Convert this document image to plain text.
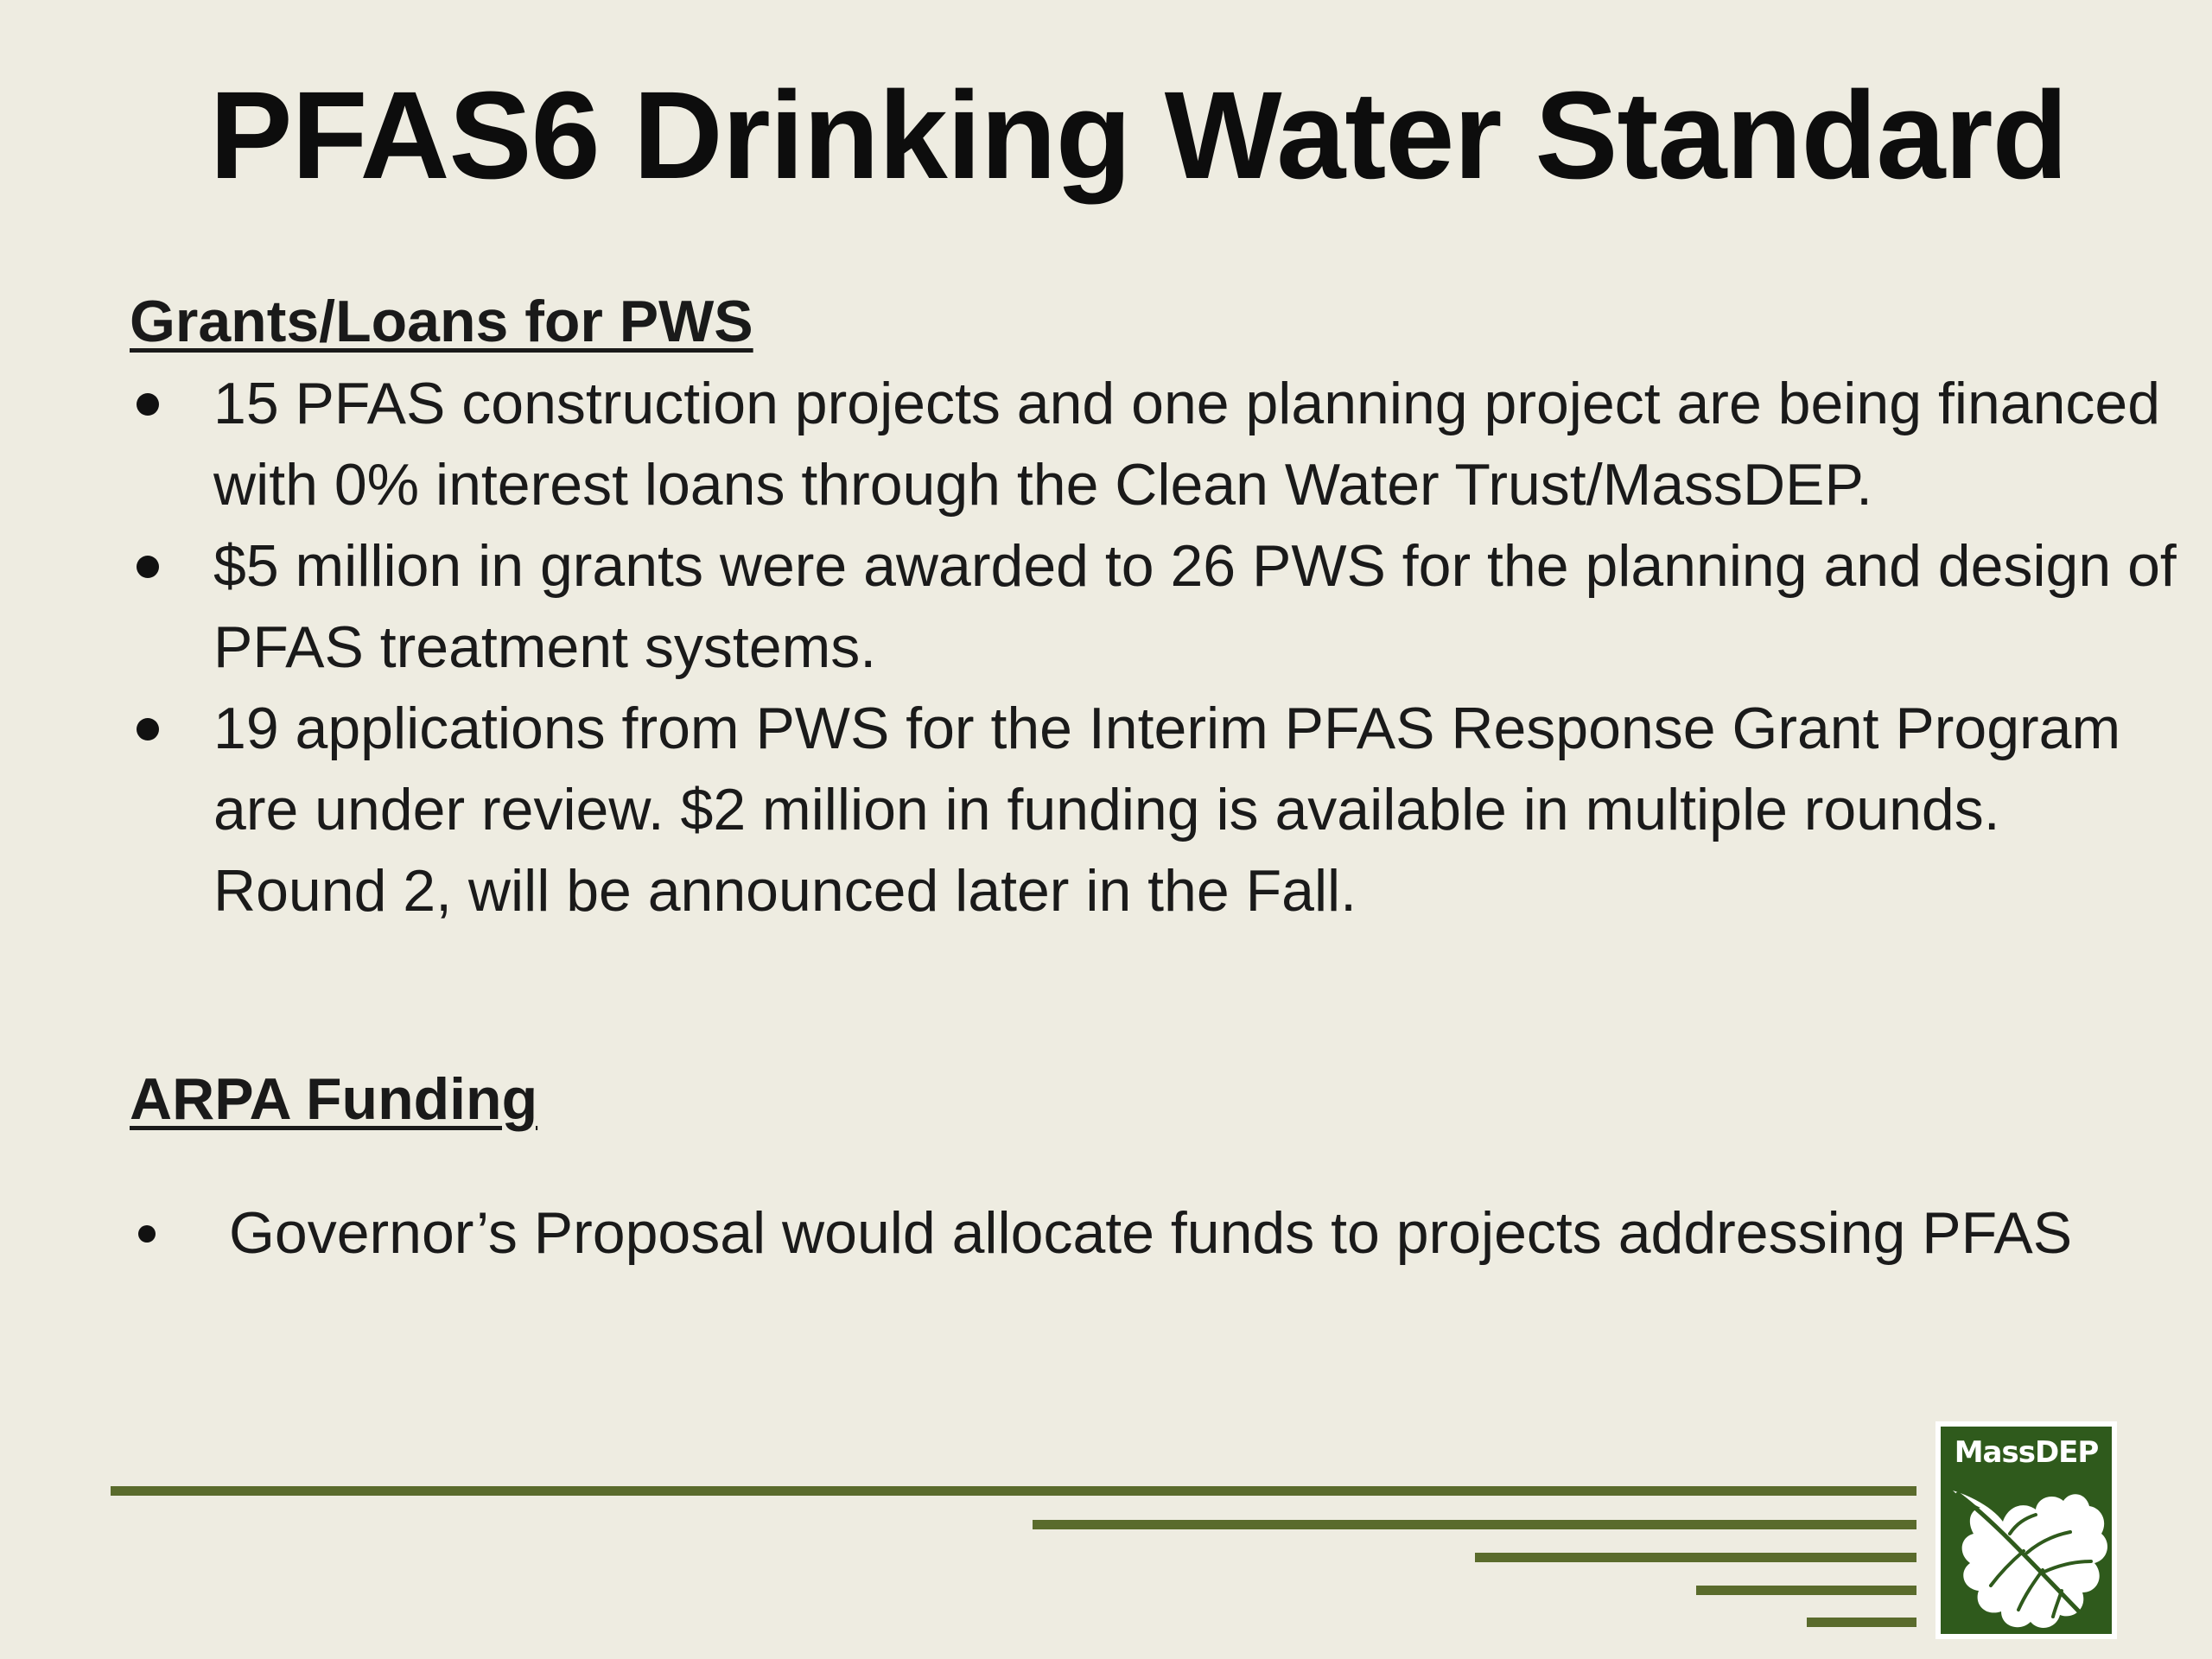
PFAS6 Drinking Water Standard
Grants/Loans for PWS
15 PFAS construction projects and one planning project are being financed with 0% interest loans through the Clean Water Trust/MassDEP.
$5 million in grants were awarded to 26 PWS for the planning and design of PFAS treatment systems.
19 applications from PWS for the Interim PFAS Response Grant Program are under review. $2 million in funding is available in multiple rounds. Round 2, will be announced later in the Fall.
ARPA Funding
Governor’s Proposal would allocate funds to projects addressing PFAS
MassDEP
